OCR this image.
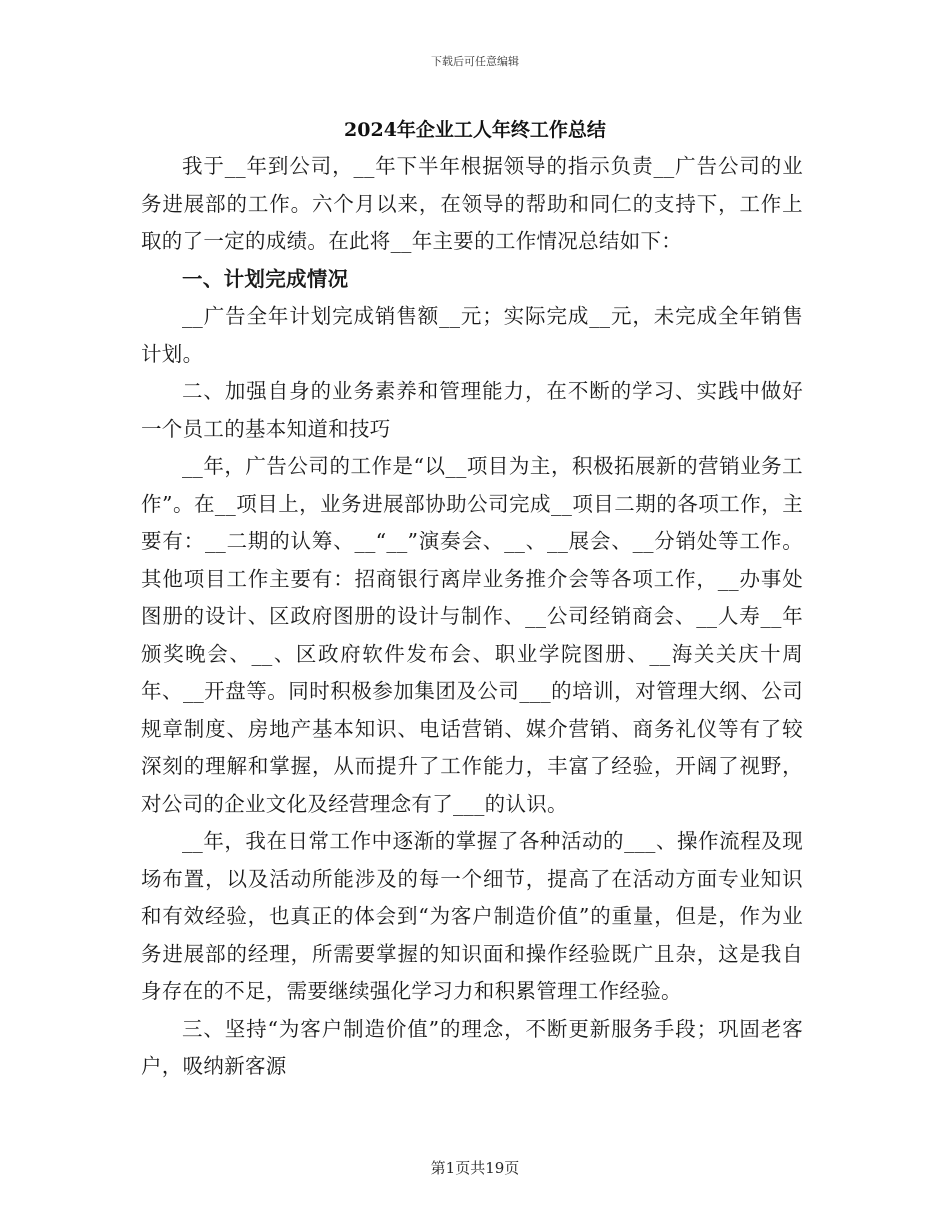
下载后可任意编辑
2024年企业工人年终工作总结

我于__年到公司，__年下半年根据领导的指示负责__广告公司的业务进展部的工作。六个月以来，在领导的帮助和同仁的支持下，工作上取的了一定的成绩。在此将__年主要的工作情况总结如下：

一、计划完成情况

__广告全年计划完成销售额__元；实际完成__元，未完成全年销售计划。

二、加强自身的业务素养和管理能力，在不断的学习、实践中做好一个员工的基本知道和技巧

__年，广告公司的工作是“以__项目为主，积极拓展新的营销业务工作”。在__项目上，业务进展部协助公司完成__项目二期的各项工作，主要有：__二期的认筹、__“__”演奏会、__、__展会、__分销处等工作。其他项目工作主要有：招商银行离岸业务推介会等各项工作，__办事处图册的设计、区政府图册的设计与制作、__公司经销商会、__人寿__年颁奖晚会、__、区政府软件发布会、职业学院图册、__海关关庆十周年、__开盘等。同时积极参加集团及公司___的培训，对管理大纲、公司规章制度、房地产基本知识、电话营销、媒介营销、商务礼仪等有了较深刻的理解和掌握，从而提升了工作能力，丰富了经验，开阔了视野，对公司的企业文化及经营理念有了___的认识。

__年，我在日常工作中逐渐的掌握了各种活动的___、操作流程及现场布置，以及活动所能涉及的每一个细节，提高了在活动方面专业知识和有效经验，也真正的体会到“为客户制造价值”的重量，但是，作为业务进展部的经理，所需要掌握的知识面和操作经验既广且杂，这是我自身存在的不足，需要继续强化学习力和积累管理工作经验。

三、坚持“为客户制造价值”的理念，不断更新服务手段；巩固老客户，吸纳新客源

第1页共19页
